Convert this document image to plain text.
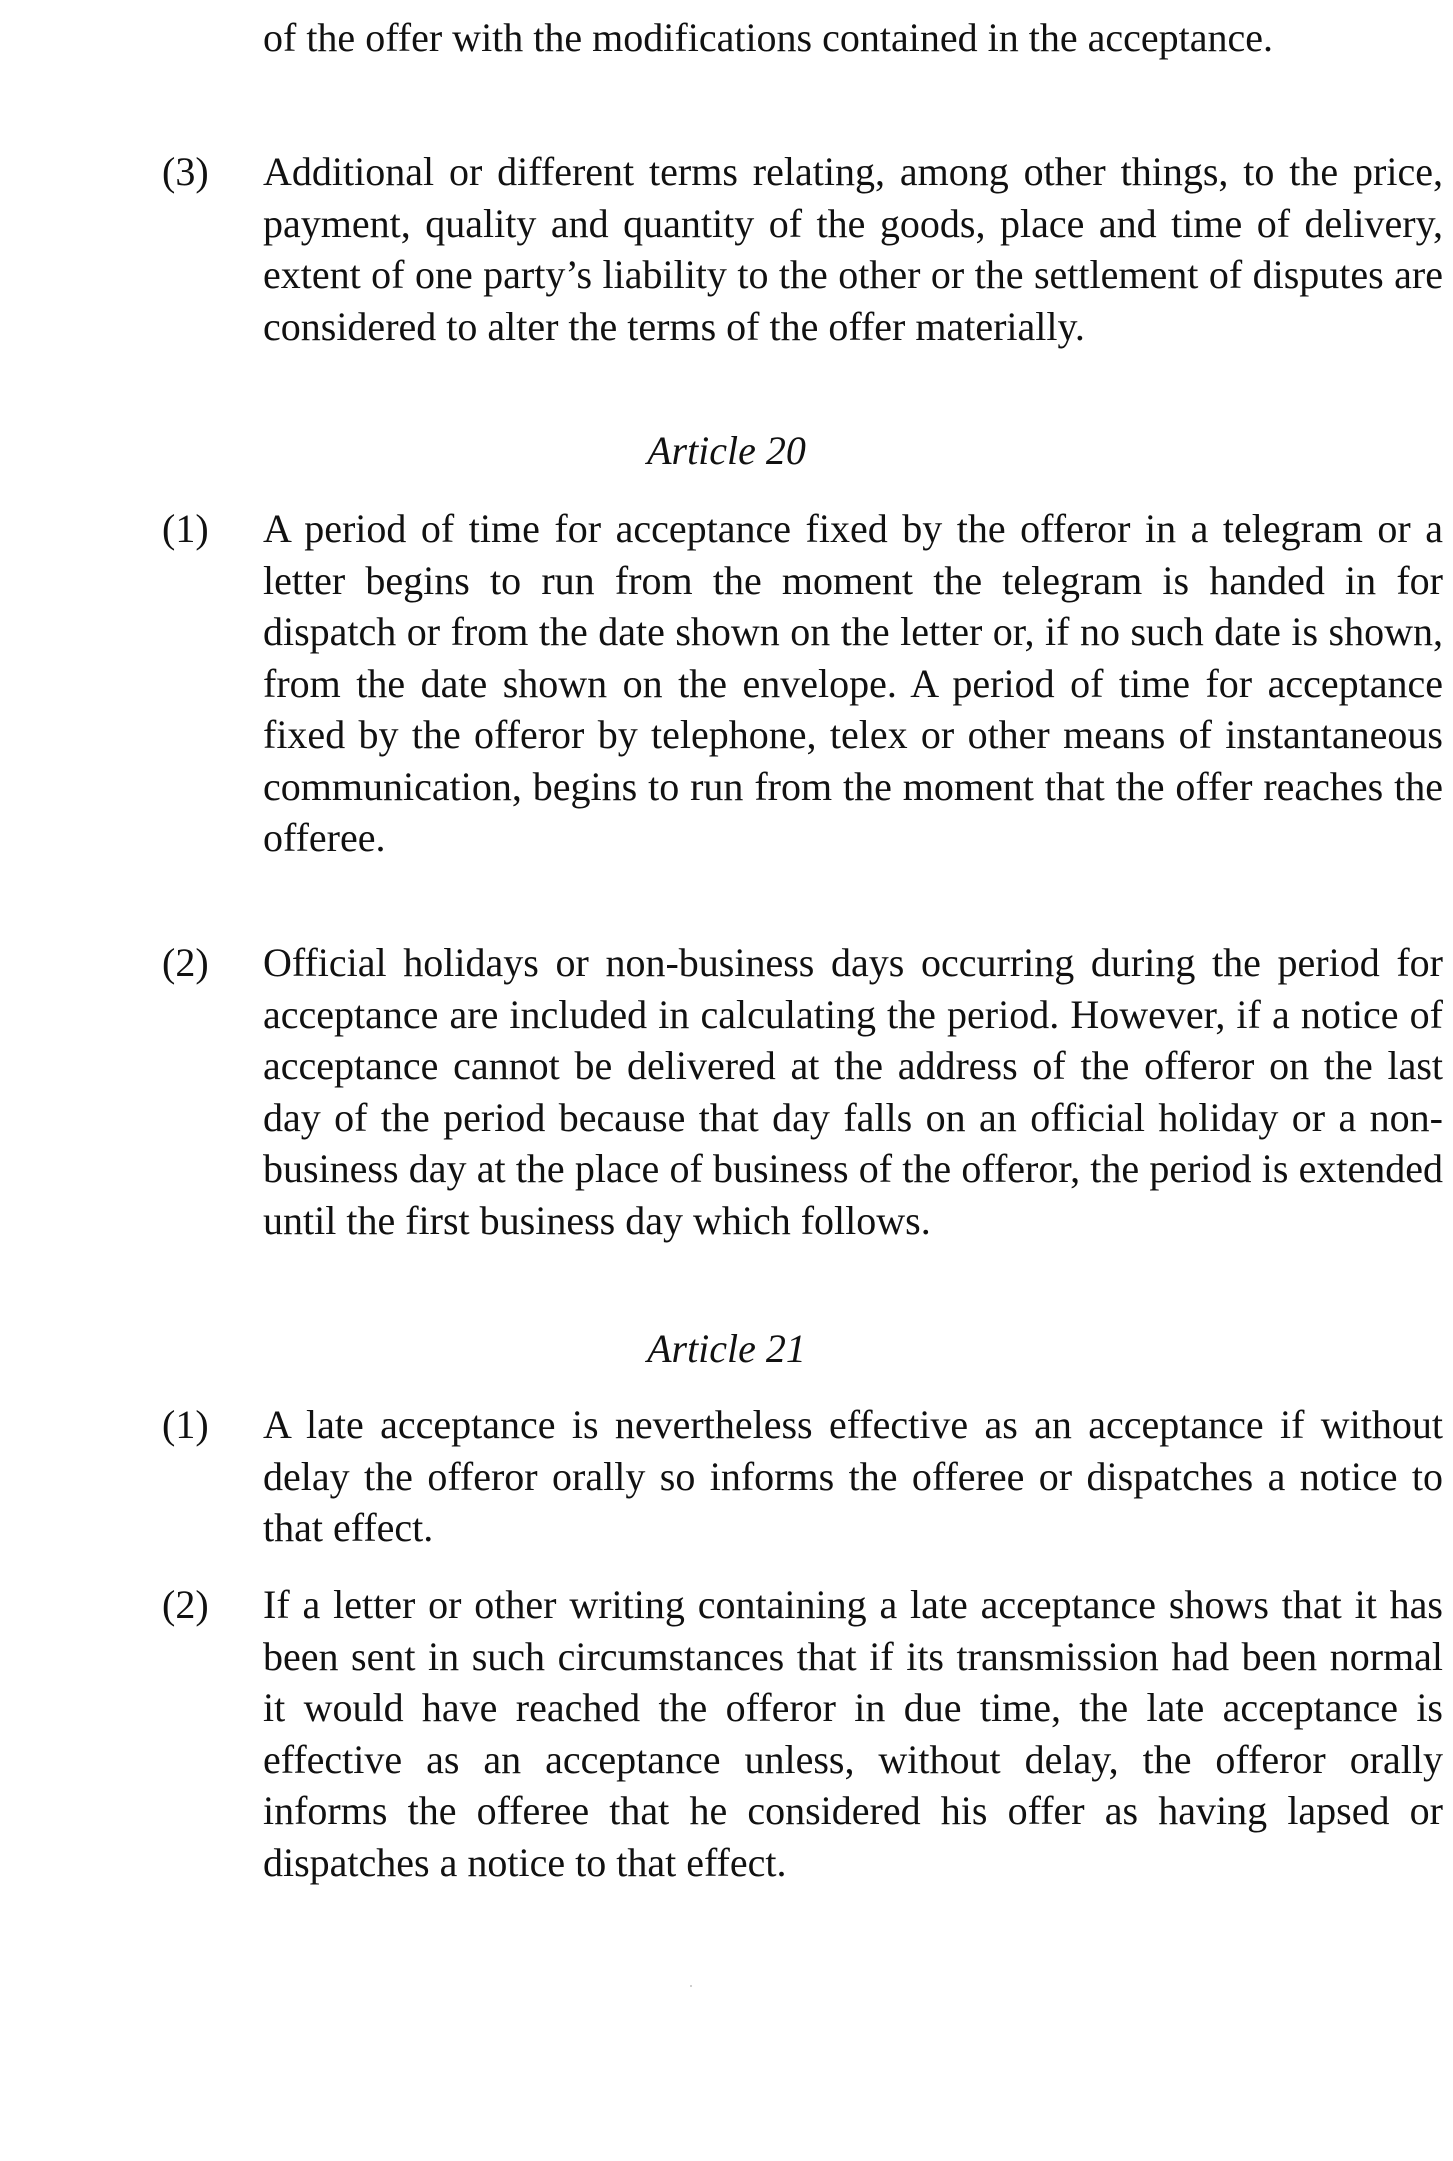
of the offer with the modifications contained in the acceptance.

(3) Additional or different terms relating, among other things, to the price, payment, quality and quantity of the goods, place and time of delivery, extent of one party’s liability to the other or the settlement of disputes are considered to alter the terms of the offer materially.

Article 20

(1) A period of time for acceptance fixed by the offeror in a telegram or a letter begins to run from the moment the telegram is handed in for dispatch or from the date shown on the letter or, if no such date is shown, from the date shown on the envelope. A period of time for acceptance fixed by the offeror by telephone, telex or other means of instantaneous communication, begins to run from the moment that the offer reaches the offeree.

(2) Official holidays or non-business days occurring during the period for acceptance are included in calculating the period. However, if a notice of acceptance cannot be delivered at the address of the offeror on the last day of the period because that day falls on an official holiday or a non-business day at the place of business of the offeror, the period is extended until the first business day which follows.

Article 21

(1) A late acceptance is nevertheless effective as an acceptance if without delay the offeror orally so informs the offeree or dispatches a notice to that effect.

(2) If a letter or other writing containing a late acceptance shows that it has been sent in such circumstances that if its transmission had been normal it would have reached the offeror in due time, the late acceptance is effective as an acceptance unless, without delay, the offeror orally informs the offeree that he considered his offer as having lapsed or dispatches a notice to that effect.
